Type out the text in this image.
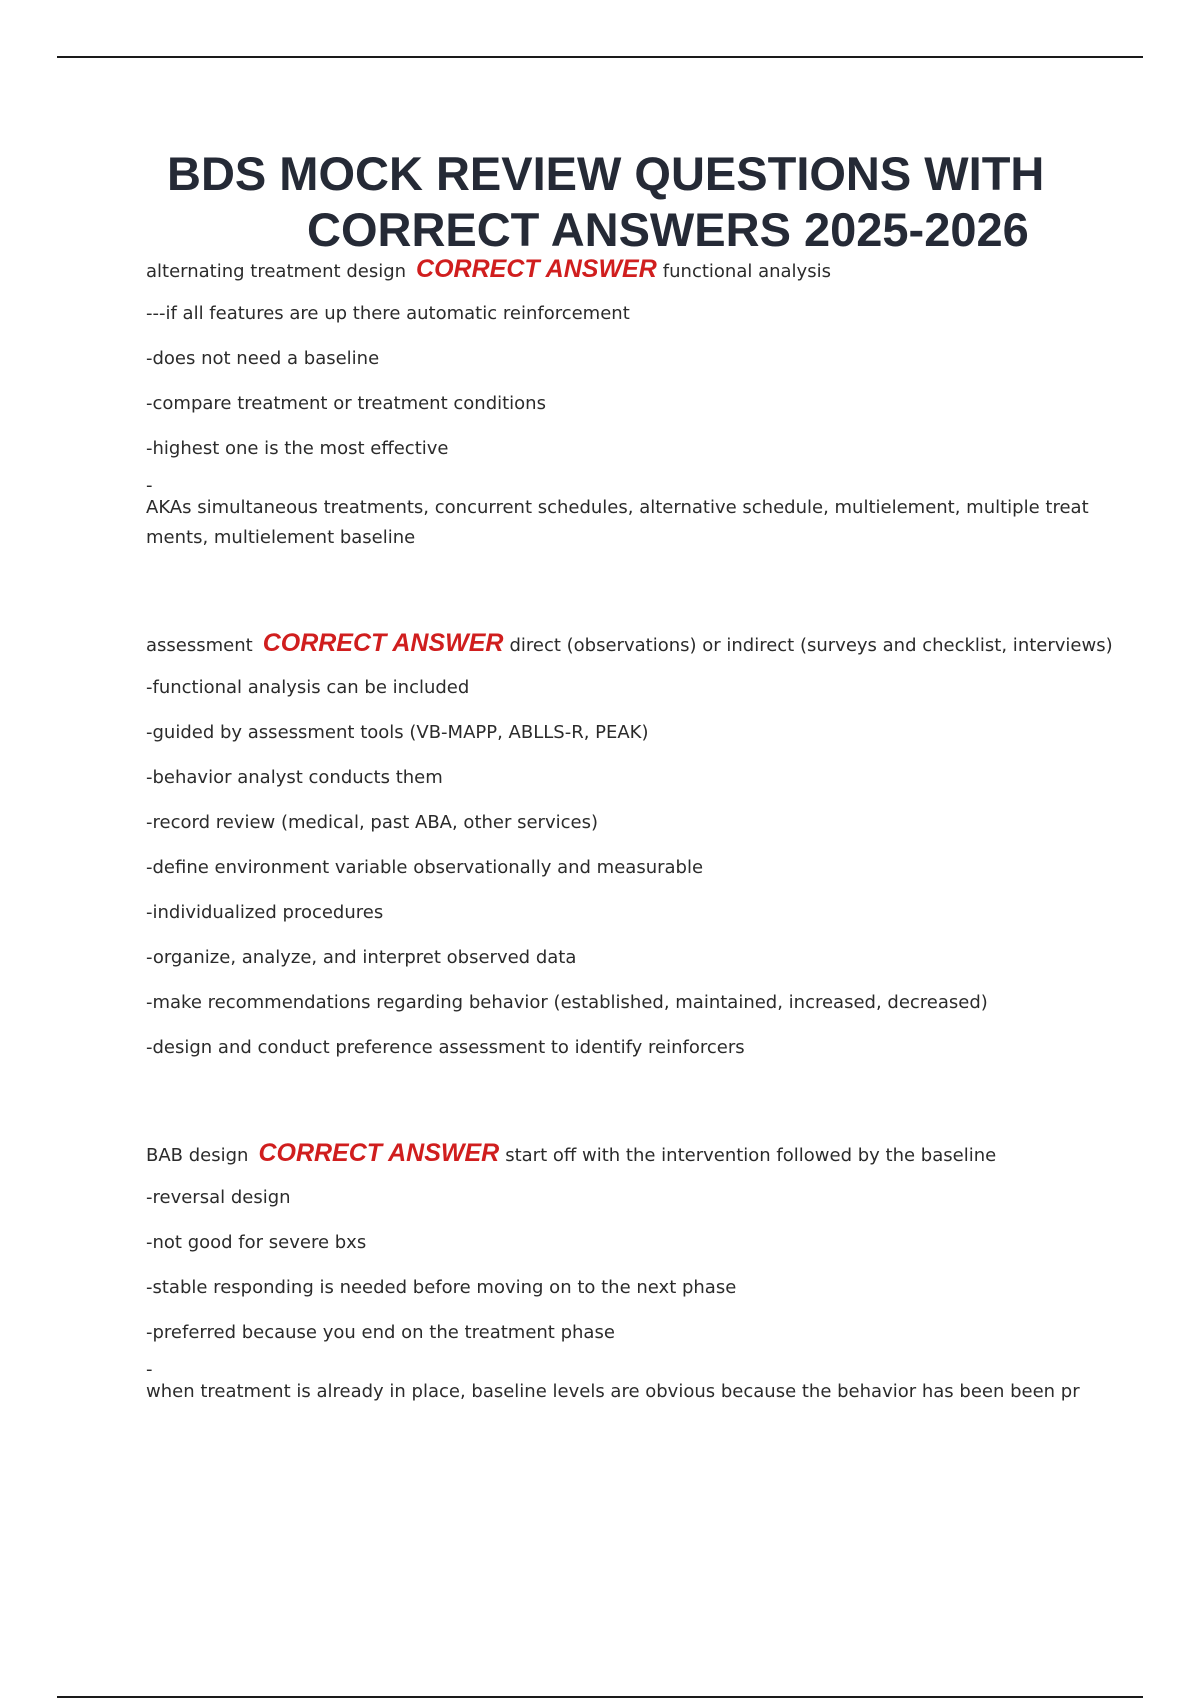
BDS MOCK REVIEW QUESTIONS WITH
CORRECT ANSWERS 2025-2026
alternating treatment design CORRECT ANSWER functional analysis
---if all features are up there automatic reinforcement
-does not need a baseline
-compare treatment or treatment conditions
-highest one is the most effective
-
AKAs simultaneous treatments, concurrent schedules, alternative schedule, multielement, multiple treatments, multielement baseline
assessment CORRECT ANSWER direct (observations) or indirect (surveys and checklist, interviews)
-functional analysis can be included
-guided by assessment tools (VB-MAPP, ABLLS-R, PEAK)
-behavior analyst conducts them
-record review (medical, past ABA, other services)
-define environment variable observationally and measurable
-individualized procedures
-organize, analyze, and interpret observed data
-make recommendations regarding behavior (established, maintained, increased, decreased)
-design and conduct preference assessment to identify reinforcers
BAB design CORRECT ANSWER start off with the intervention followed by the baseline
-reversal design
-not good for severe bxs
-stable responding is needed before moving on to the next phase
-preferred because you end on the treatment phase
-
when treatment is already in place, baseline levels are obvious because the behavior has been been pr
